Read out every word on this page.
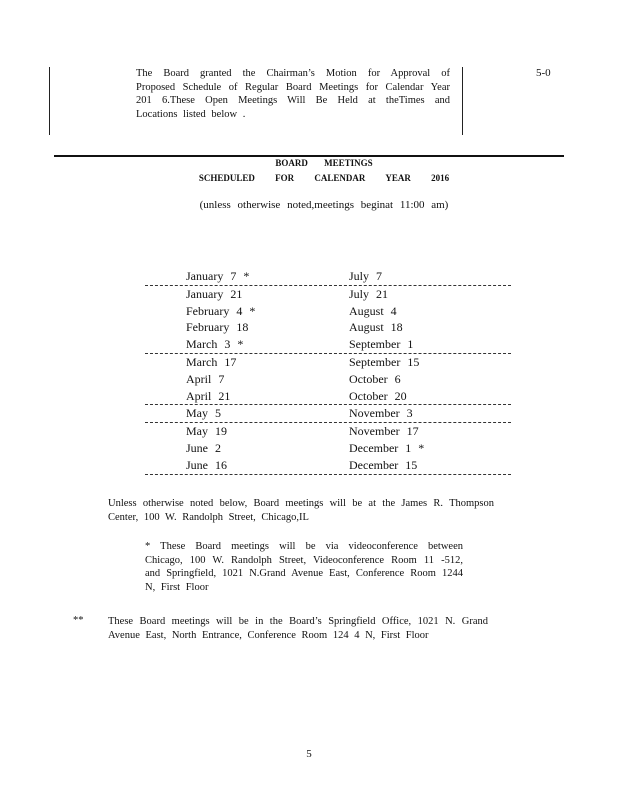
The Board granted the Chairman’s Motion for Approval of Proposed Schedule of Regular Board Meetings for Calendar Year 201 6.These Open Meetings Will Be Held at theTimes and Locations listed below .
5-0
BOARD MEETINGS
SCHEDULED FOR CALENDAR YEAR 2016
(unless otherwise noted,meetings beginat 11:00 am)
January 7 *	July 7
January 21	July 21
February 4 *	August 4
February 18	August 18
March 3 *	September 1
March 17	September 15
April 7	October 6
April 21	October 20
May 5	November 3
May 19	November 17
June 2	December 1 *
June 16	December 15
Unless otherwise noted below, Board meetings will be at the James R. Thompson Center, 100 W. Randolph Street, Chicago,IL
* These Board meetings will be via videoconference between Chicago, 100 W. Randolph Street, Videoconference Room 11 -512, and Springfield, 1021 N.Grand Avenue East, Conference Room 1244 N, First Floor
** These Board meetings will be in the Board’s Springfield Office, 1021 N. Grand Avenue East, North Entrance, Conference Room 124 4 N, First Floor
5
